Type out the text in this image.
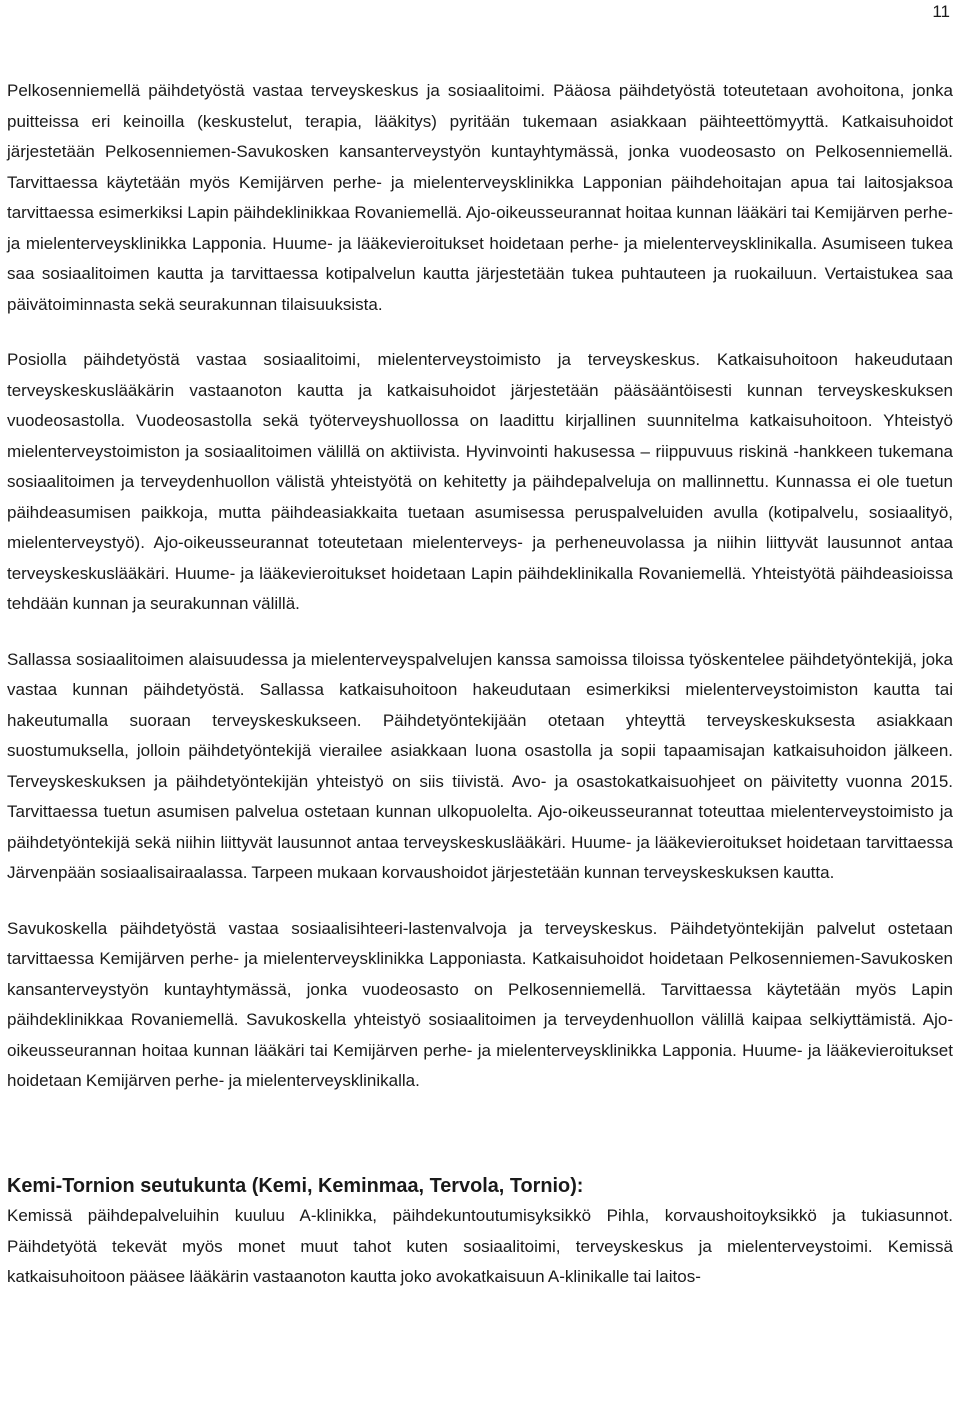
11

Pelkosenniemellä päihdetyöstä vastaa terveyskeskus ja sosiaalitoimi. Pääosa päihdetyöstä toteutetaan avohoitona, jonka puitteissa eri keinoilla (keskustelut, terapia, lääkitys) pyritään tukemaan asiakkaan päihteettömyyttä. Katkaisuhoidot järjestetään Pelkosenniemen-Savukosken kansanterveystyön kuntayhtymässä, jonka vuodeosasto on Pelkosenniemellä. Tarvittaessa käytetään myös Kemijärven perhe- ja mielenterveysklinikka Lapponian päihdehoitajan apua tai laitosjaksoa tarvittaessa esimerkiksi Lapin päihdeklinikkaa Rovaniemellä. Ajo-oikeusseurannat hoitaa kunnan lääkäri tai Kemijärven perhe- ja mielenterveysklinikka Lapponia. Huume- ja lääkevieroitukset hoidetaan perhe- ja mielenterveysklinikalla. Asumiseen tukea saa sosiaalitoimen kautta ja tarvittaessa kotipalvelun kautta järjestetään tukea puhtauteen ja ruokailuun. Vertaistukea saa päivätoiminnasta sekä seurakunnan tilaisuuksista.

Posiolla päihdetyöstä vastaa sosiaalitoimi, mielenterveystoimisto ja terveyskeskus. Katkaisuhoitoon hakeudutaan terveyskeskuslääkärin vastaanoton kautta ja katkaisuhoidot järjestetään pääsääntöisesti kunnan terveyskeskuksen vuodeosastolla. Vuodeosastolla sekä työterveyshuollossa on laadittu kirjallinen suunnitelma katkaisuhoitoon. Yhteistyö mielenterveystoimiston ja sosiaalitoimen välillä on aktiivista. Hyvinvointi hakusessa – riippuvuus riskinä -hankkeen tukemana sosiaalitoimen ja terveydenhuollon välistä yhteistyötä on kehitetty ja päihdepalveluja on mallinnettu. Kunnassa ei ole tuetun päihdeasumisen paikkoja, mutta päihdeasiakkaita tuetaan asumisessa peruspalveluiden avulla (kotipalvelu, sosiaalityö, mielenterveystyö). Ajo-oikeusseurannat toteutetaan mielenterveys- ja perheneuvolassa ja niihin liittyvät lausunnot antaa terveyskeskuslääkäri. Huume- ja lääkevieroitukset hoidetaan Lapin päihdeklinikalla Rovaniemellä. Yhteistyötä päihdeasioissa tehdään kunnan ja seurakunnan välillä.

Sallassa sosiaalitoimen alaisuudessa ja mielenterveyspalvelujen kanssa samoissa tiloissa työskentelee päihdetyöntekijä, joka vastaa kunnan päihdetyöstä. Sallassa katkaisuhoitoon hakeudutaan esimerkiksi mielenterveystoimiston kautta tai hakeutumalla suoraan terveyskeskukseen. Päihdetyöntekijään otetaan yhteyttä terveyskeskuksesta asiakkaan suostumuksella, jolloin päihdetyöntekijä vierailee asiakkaan luona osastolla ja sopii tapaamisajan katkaisuhoidon jälkeen. Terveyskeskuksen ja päihdetyöntekijän yhteistyö on siis tiivistä. Avo- ja osastokatkaisuohjeet on päivitetty vuonna 2015. Tarvittaessa tuetun asumisen palvelua ostetaan kunnan ulkopuolelta. Ajo-oikeusseurannat toteuttaa mielenterveystoimisto ja päihdetyöntekijä sekä niihin liittyvät lausunnot antaa terveyskeskuslääkäri. Huume- ja lääkevieroitukset hoidetaan tarvittaessa Järvenpään sosiaalisairaalassa. Tarpeen mukaan korvaushoidot järjestetään kunnan terveyskeskuksen kautta.

Savukoskella päihdetyöstä vastaa sosiaalisihteeri-lastenvalvoja ja terveyskeskus. Päihdetyöntekijän palvelut ostetaan tarvittaessa Kemijärven perhe- ja mielenterveysklinikka Lapponiasta. Katkaisuhoidot hoidetaan Pelkosenniemen-Savukosken kansanterveystyön kuntayhtymässä, jonka vuodeosasto on Pelkosenniemellä. Tarvittaessa käytetään myös Lapin päihdeklinikkaa Rovaniemellä. Savukoskella yhteistyö sosiaalitoimen ja terveydenhuollon välillä kaipaa selkiyttämistä. Ajo-oikeusseurannan hoitaa kunnan lääkäri tai Kemijärven perhe- ja mielenterveysklinikka Lapponia. Huume- ja lääkevieroitukset hoidetaan Kemijärven perhe- ja mielenterveysklinikalla.

Kemi-Tornion seutukunta (Kemi, Keminmaa, Tervola, Tornio):

Kemissä päihdepalveluihin kuuluu A-klinikka, päihdekuntoutumisyksikkö Pihla, korvaushoitoyksikkö ja tukiasunnot. Päihdetyötä tekevät myös monet muut tahot kuten sosiaalitoimi, terveyskeskus ja mielenterveystoimi. Kemissä katkaisuhoitoon pääsee lääkärin vastaanoton kautta joko avokatkaisuun A-klinikalle tai laitos-
